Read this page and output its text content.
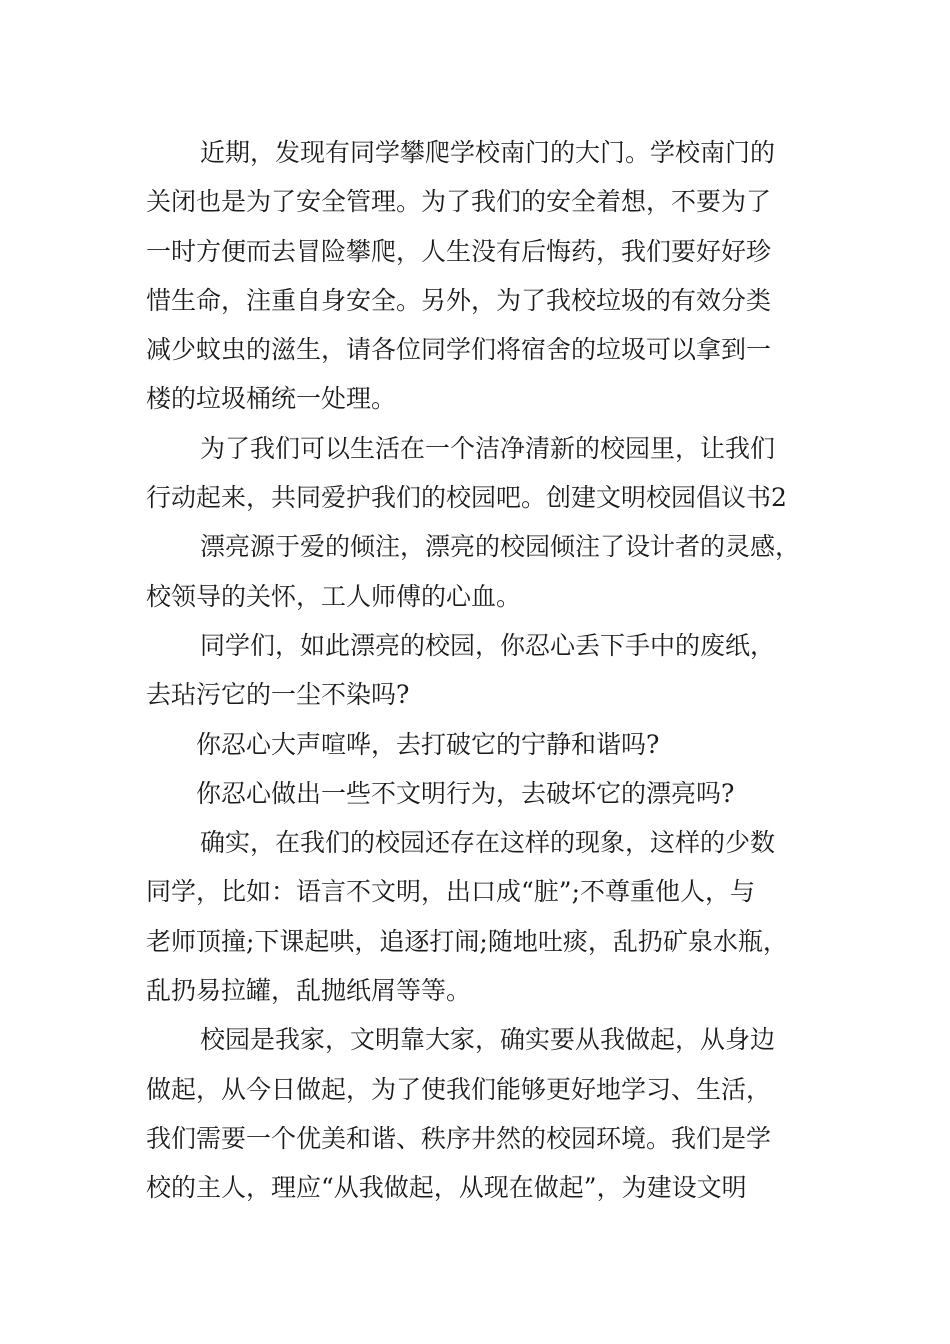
近期，发现有同学攀爬学校南门的大门。学校南门的
关闭也是为了安全管理。为了我们的安全着想，不要为了
一时方便而去冒险攀爬，人生没有后悔药，我们要好好珍
惜生命，注重自身安全。另外，为了我校垃圾的有效分类
减少蚊虫的滋生，请各位同学们将宿舍的垃圾可以拿到一
楼的垃圾桶统一处理。
为了我们可以生活在一个洁净清新的校园里，让我们
行动起来，共同爱护我们的校园吧。创建文明校园倡议书2
漂亮源于爱的倾注，漂亮的校园倾注了设计者的灵感，
校领导的关怀，工人师傅的心血。
同学们，如此漂亮的校园，你忍心丢下手中的废纸，
去玷污它的一尘不染吗?
你忍心大声喧哗，去打破它的宁静和谐吗?
你忍心做出一些不文明行为，去破坏它的漂亮吗?
确实，在我们的校园还存在这样的现象，这样的少数
同学，比如：语言不文明，出口成“脏”;不尊重他人，与
老师顶撞;下课起哄，追逐打闹;随地吐痰，乱扔矿泉水瓶，
乱扔易拉罐，乱抛纸屑等等。
校园是我家，文明靠大家，确实要从我做起，从身边
做起，从今日做起，为了使我们能够更好地学习、生活，
我们需要一个优美和谐、秩序井然的校园环境。我们是学
校的主人，理应“从我做起，从现在做起”，为建设文明
